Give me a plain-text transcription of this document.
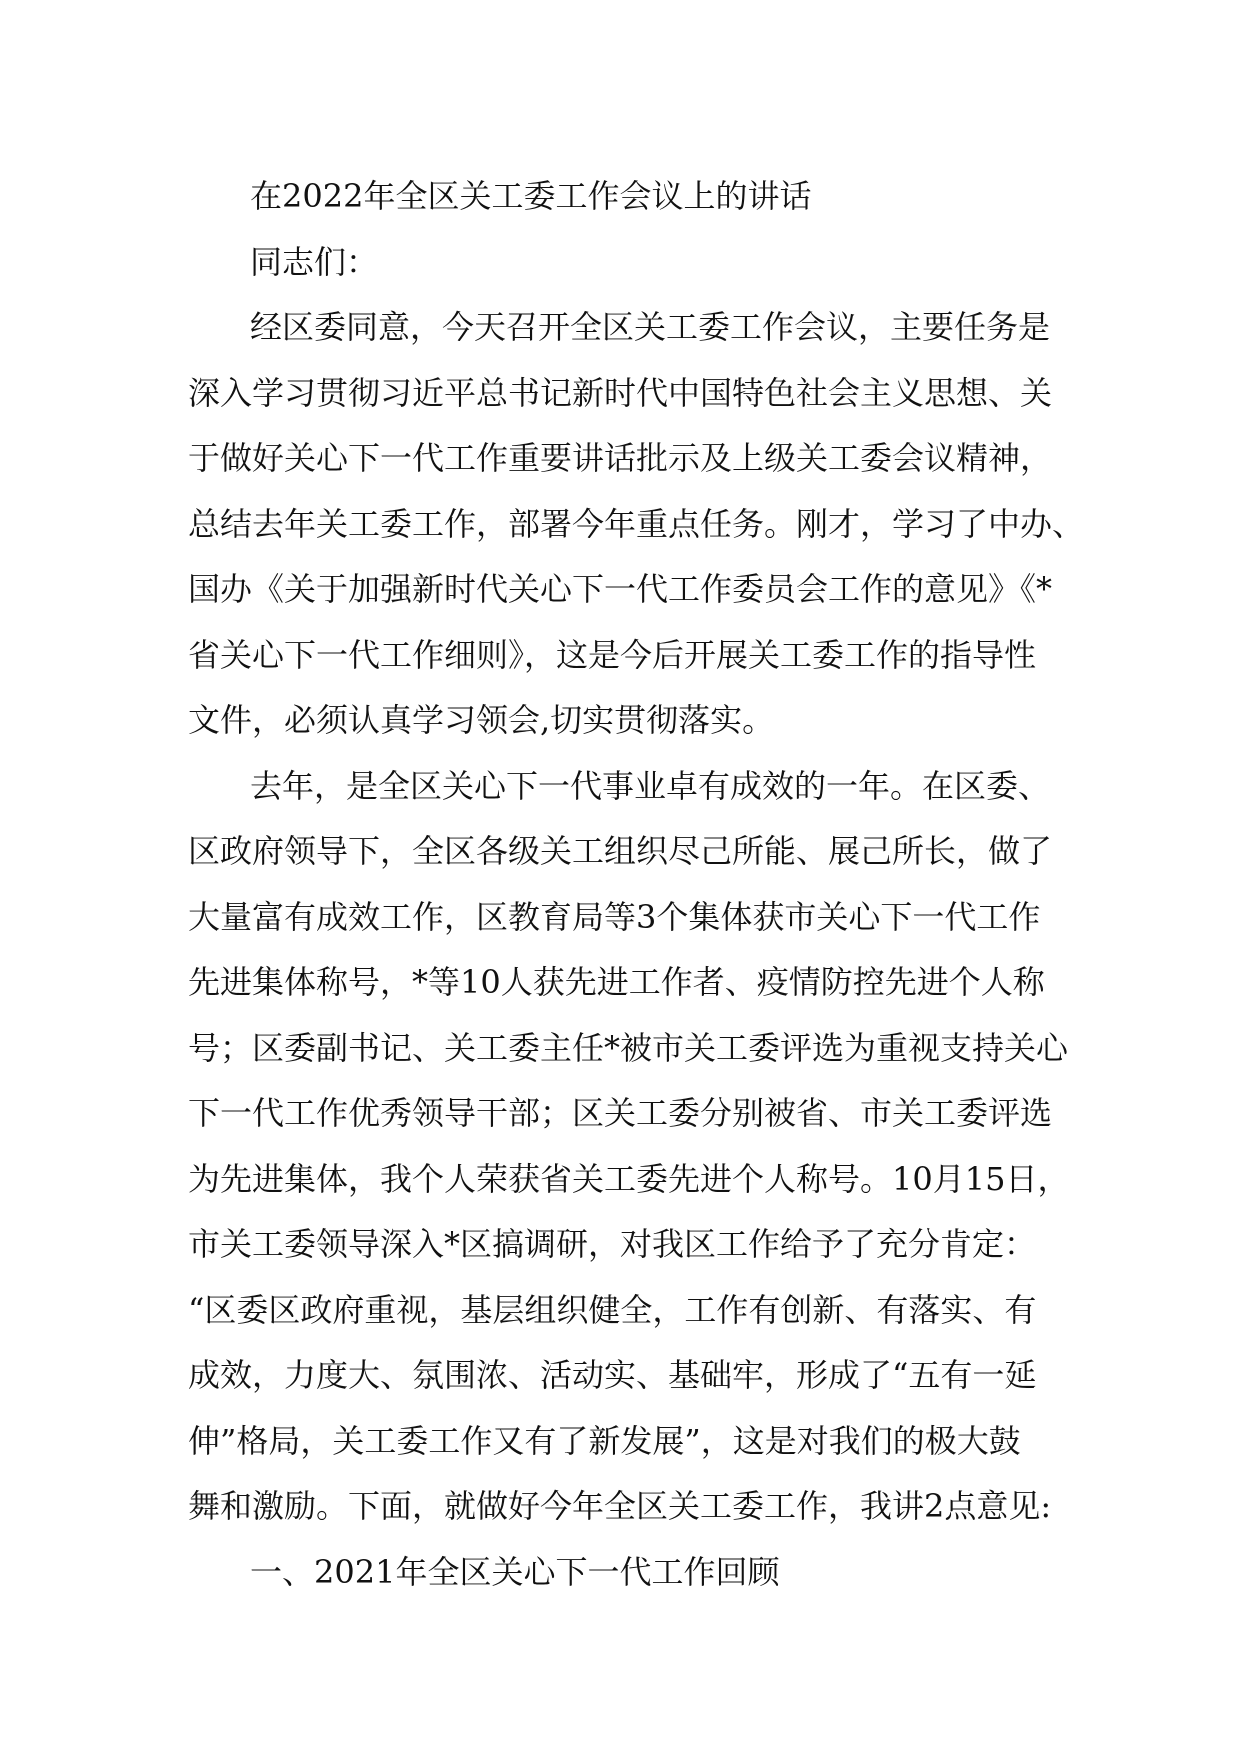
在2022年全区关工委工作会议上的讲话
同志们：
经区委同意，今天召开全区关工委工作会议，主要任务是
深入学习贯彻习近平总书记新时代中国特色社会主义思想、关
于做好关心下一代工作重要讲话批示及上级关工委会议精神，
总结去年关工委工作，部署今年重点任务。刚才，学习了中办、
国办《关于加强新时代关心下一代工作委员会工作的意见》《*
省关心下一代工作细则》，这是今后开展关工委工作的指导性
文件，必须认真学习领会,切实贯彻落实。
去年，是全区关心下一代事业卓有成效的一年。在区委、
区政府领导下，全区各级关工组织尽己所能、展己所长，做了
大量富有成效工作，区教育局等3个集体获市关心下一代工作
先进集体称号，*等10人获先进工作者、疫情防控先进个人称
号；区委副书记、关工委主任*被市关工委评选为重视支持关心
下一代工作优秀领导干部；区关工委分别被省、市关工委评选
为先进集体，我个人荣获省关工委先进个人称号。10月15日，
市关工委领导深入*区搞调研，对我区工作给予了充分肯定：
“区委区政府重视，基层组织健全，工作有创新、有落实、有
成效，力度大、氛围浓、活动实、基础牢，形成了“五有一延
伸”格局，关工委工作又有了新发展”，这是对我们的极大鼓
舞和激励。下面，就做好今年全区关工委工作，我讲2点意见:
一、2021年全区关心下一代工作回顾
